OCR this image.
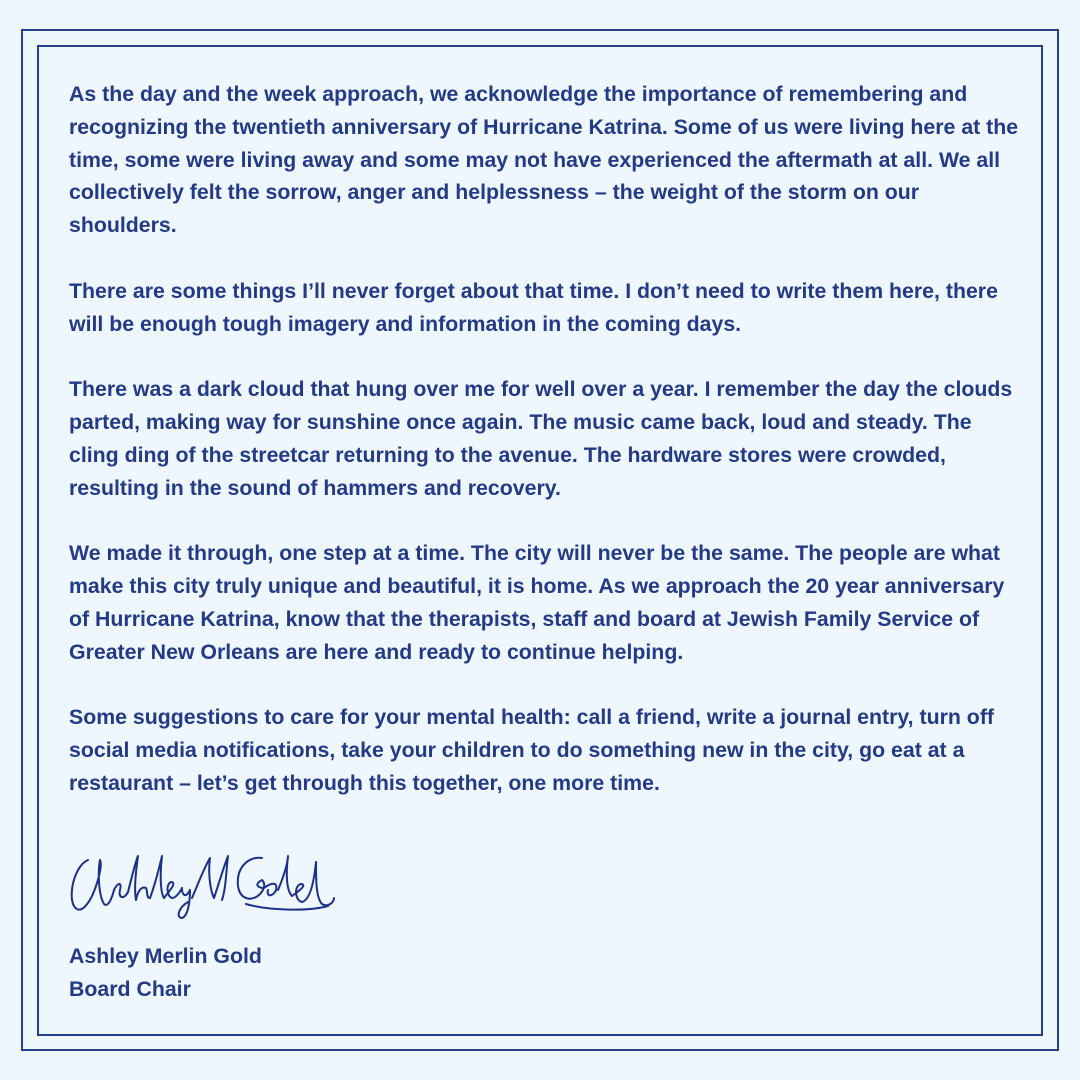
As the day and the week approach, we acknowledge the importance of remembering and recognizing the twentieth anniversary of Hurricane Katrina. Some of us were living here at the time, some were living away and some may not have experienced the aftermath at all. We all collectively felt the sorrow, anger and helplessness – the weight of the storm on our shoulders.

There are some things I’ll never forget about that time. I don’t need to write them here, there will be enough tough imagery and information in the coming days.

There was a dark cloud that hung over me for well over a year. I remember the day the clouds parted, making way for sunshine once again. The music came back, loud and steady. The cling ding of the streetcar returning to the avenue. The hardware stores were crowded, resulting in the sound of hammers and recovery.

We made it through, one step at a time. The city will never be the same. The people are what make this city truly unique and beautiful, it is home. As we approach the 20 year anniversary of Hurricane Katrina, know that the therapists, staff and board at Jewish Family Service of Greater New Orleans are here and ready to continue helping.

Some suggestions to care for your mental health: call a friend, write a journal entry, turn off social media notifications, take your children to do something new in the city, go eat at a restaurant – let’s get through this together, one more time.

Ashley Merlin Gold
Board Chair
